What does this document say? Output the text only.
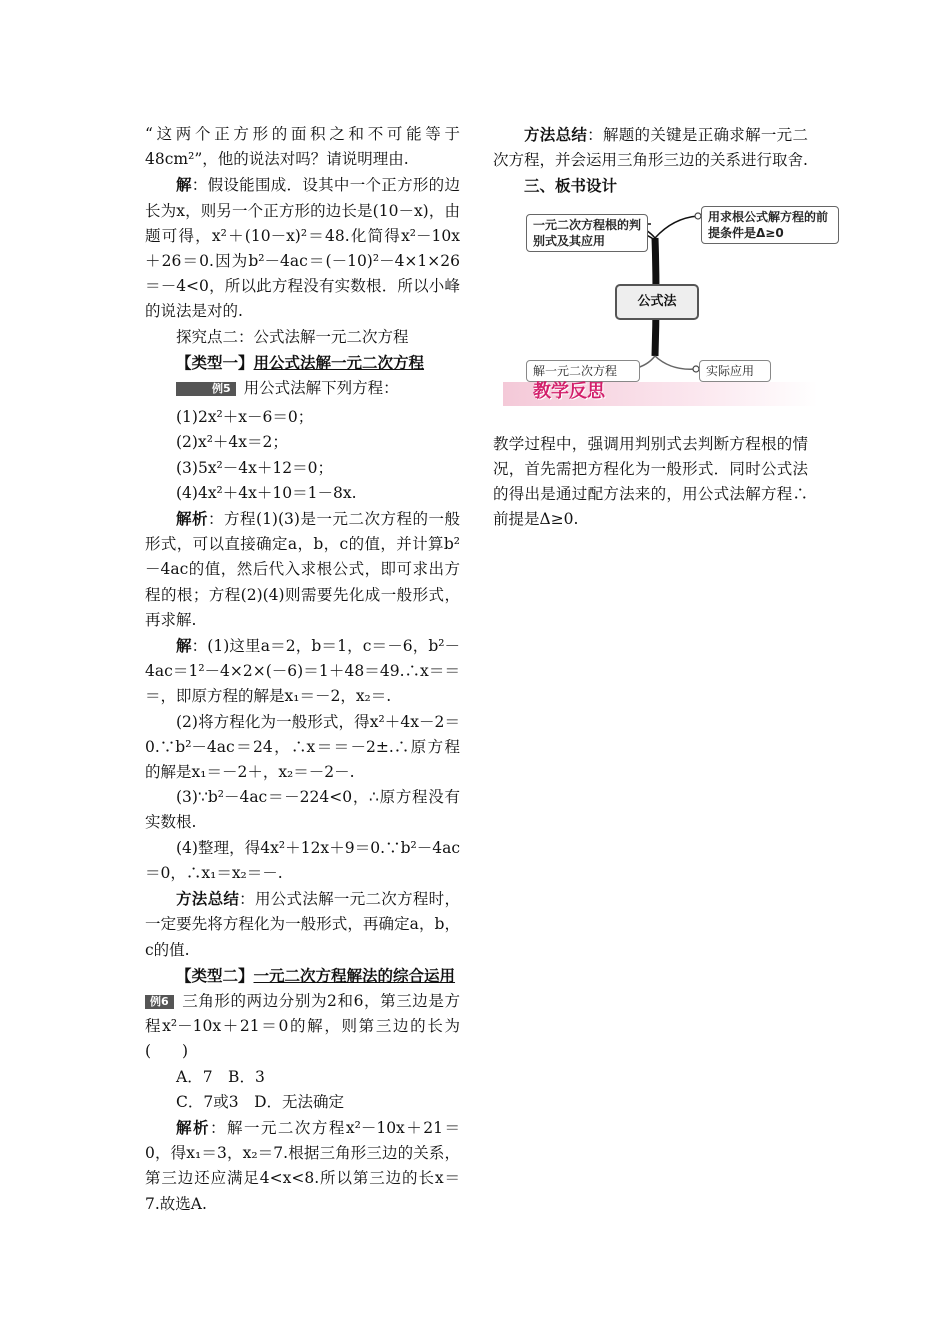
“这两个正方形的面积之和不可能等于48cm²”，他的说法对吗？请说明理由.

解：假设能围成．设其中一个正方形的边长为x，则另一个正方形的边长是(10－x)，由题可得，x²＋(10－x)²＝48.化简得x²－10x＋26＝0.因为b²－4ac＝(－10)²－4×1×26＝－4<0，所以此方程没有实数根．所以小峰的说法是对的.

探究点二：公式法解一元二次方程

【类型一】用公式法解一元二次方程

例5 用公式法解下列方程：

(1)2x²＋x－6＝0；

(2)x²＋4x＝2；

(3)5x²－4x＋12＝0；

(4)4x²＋4x＋10＝1－8x.

解析：方程(1)(3)是一元二次方程的一般形式，可以直接确定a，b，c的值，并计算b²－4ac的值，然后代入求根公式，即可求出方程的根；方程(2)(4)则需要先化成一般形式，再求解.

解：(1)这里a＝2，b＝1，c＝－6，b²－4ac＝1²－4×2×(－6)＝1＋48＝49.∴x＝＝＝，即原方程的解是x₁＝－2，x₂＝.

(2)将方程化为一般形式，得x²＋4x－2＝0.∵b²－4ac＝24，∴x＝＝－2±.∴原方程的解是x₁＝－2＋，x₂＝－2－.

(3)∵b²－4ac＝－224<0，∴原方程没有实数根.

(4)整理，得4x²＋12x＋9＝0.∵b²－4ac＝0，∴x₁＝x₂＝－.

方法总结：用公式法解一元二次方程时，一定要先将方程化为一般形式，再确定a，b，c的值.

【类型二】一元二次方程解法的综合运用

例6 三角形的两边分别为2和6，第三边是方程x²－10x＋21＝0的解，则第三边的长为(　　)

A．7　B．3

C．7或3　D．无法确定

解析：解一元二次方程x²－10x＋21＝0，得x₁＝3，x₂＝7.根据三角形三边的关系，第三边还应满足4<x<8.所以第三边的长x＝7.故选A.

方法总结：解题的关键是正确求解一元二次方程，并会运用三角形三边的关系进行取舍.

三、板书设计

一元二次方程根的判别式及其应用
用求根公式解方程的前提条件是Δ≥0
公式法
解一元二次方程	实际应用
教学反思

教学过程中，强调用判别式去判断方程根的情况，首先需把方程化为一般形式．同时公式法的得出是通过配方法来的，用公式法解方程∴前提是Δ≥0.
